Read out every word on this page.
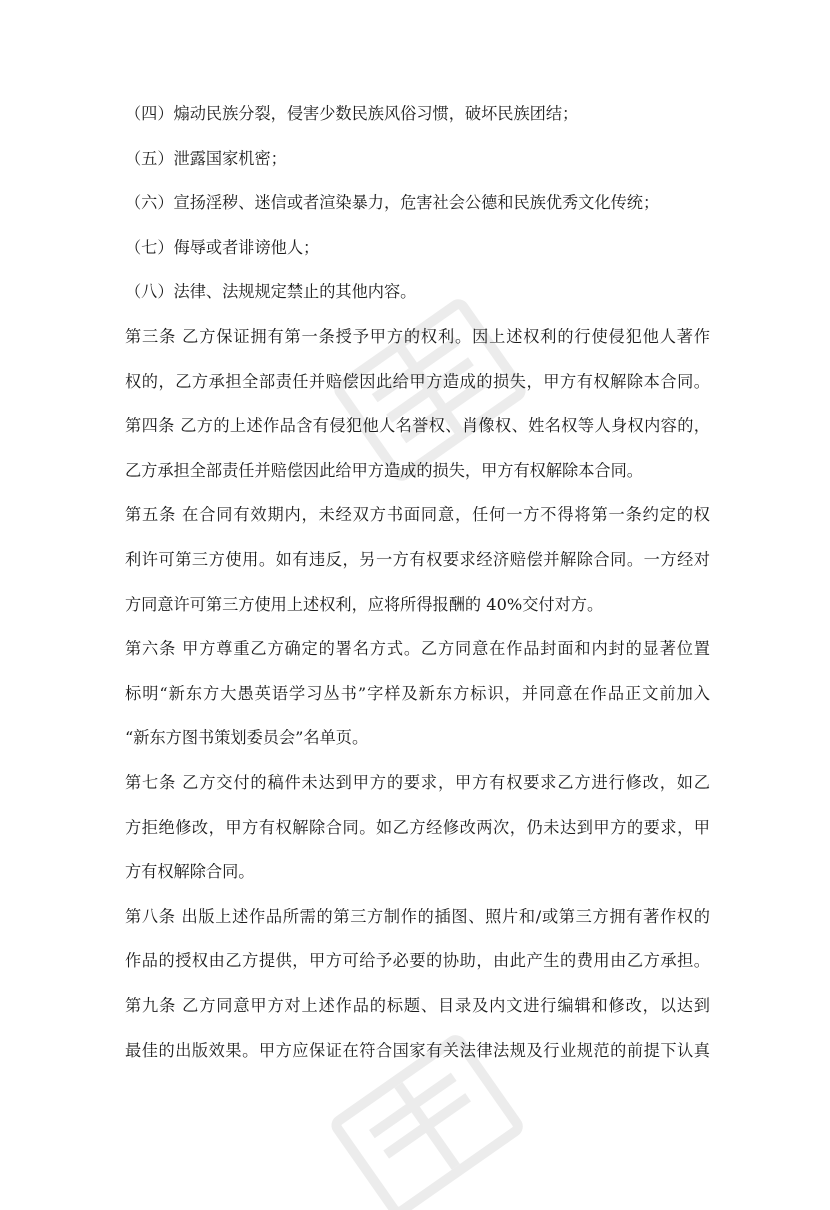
（四）煽动民族分裂，侵害少数民族风俗习惯，破坏民族团结；
（五）泄露国家机密；
（六）宣扬淫秽、迷信或者渲染暴力，危害社会公德和民族优秀文化传统；
（七）侮辱或者诽谤他人；
（八）法律、法规规定禁止的其他内容。
第三条 乙方保证拥有第一条授予甲方的权利。因上述权利的行使侵犯他人著作
权的，乙方承担全部责任并赔偿因此给甲方造成的损失，甲方有权解除本合同。
第四条 乙方的上述作品含有侵犯他人名誉权、肖像权、姓名权等人身权内容的，
乙方承担全部责任并赔偿因此给甲方造成的损失，甲方有权解除本合同。
第五条 在合同有效期内，未经双方书面同意，任何一方不得将第一条约定的权
利许可第三方使用。如有违反，另一方有权要求经济赔偿并解除合同。一方经对
方同意许可第三方使用上述权利，应将所得报酬的 40%交付对方。
第六条 甲方尊重乙方确定的署名方式。乙方同意在作品封面和内封的显著位置
标明“新东方大愚英语学习丛书”字样及新东方标识，并同意在作品正文前加入
“新东方图书策划委员会”名单页。
第七条 乙方交付的稿件未达到甲方的要求，甲方有权要求乙方进行修改，如乙
方拒绝修改，甲方有权解除合同。如乙方经修改两次，仍未达到甲方的要求，甲
方有权解除合同。
第八条 出版上述作品所需的第三方制作的插图、照片和/或第三方拥有著作权的
作品的授权由乙方提供，甲方可给予必要的协助，由此产生的费用由乙方承担。
第九条 乙方同意甲方对上述作品的标题、目录及内文进行编辑和修改，以达到
最佳的出版效果。甲方应保证在符合国家有关法律法规及行业规范的前提下认真
